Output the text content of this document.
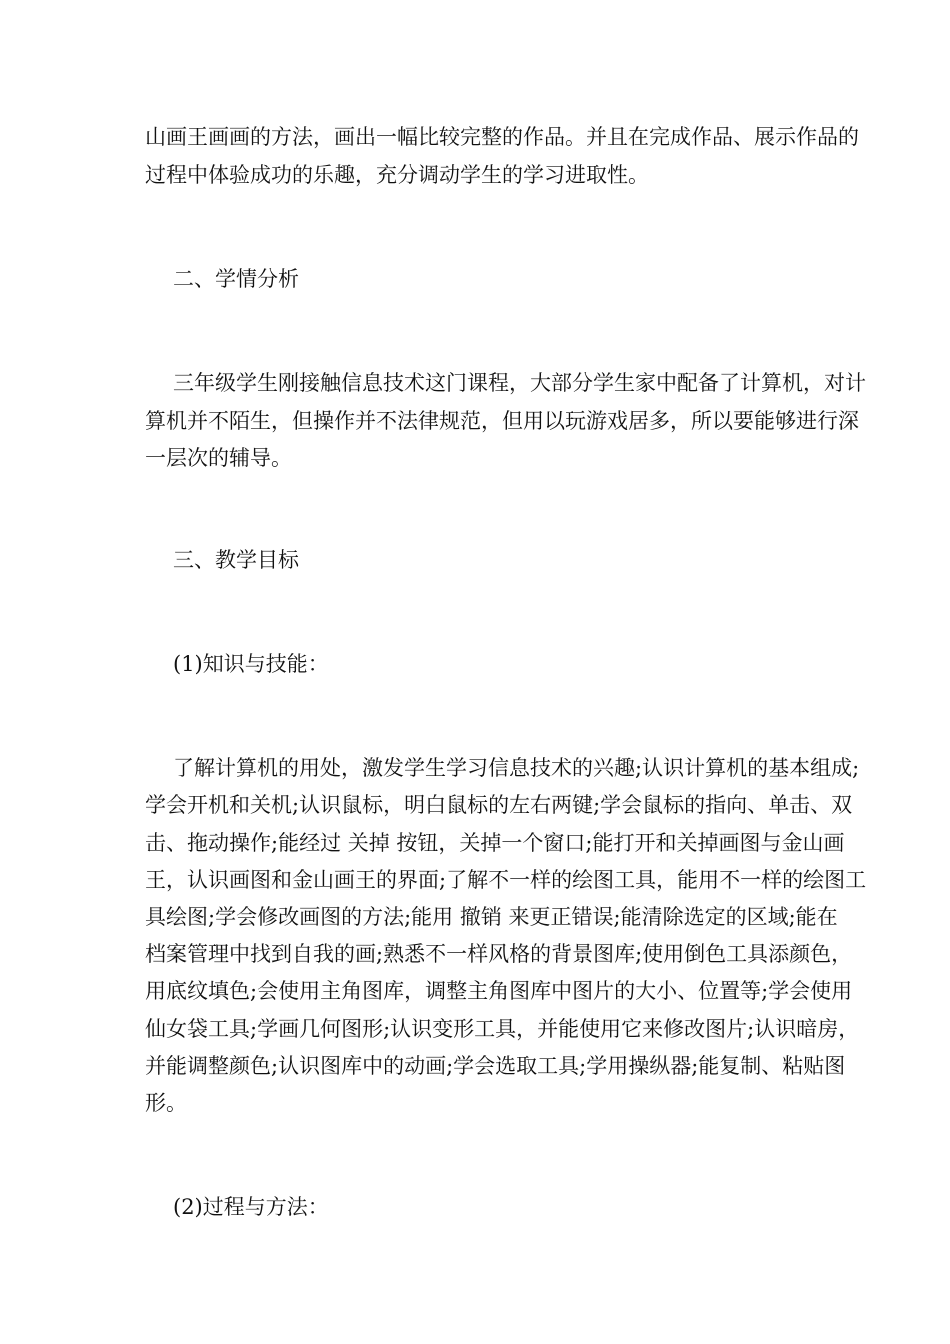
山画王画画的方法，画出一幅比较完整的作品。并且在完成作品、展示作品的
过程中体验成功的乐趣，充分调动学生的学习进取性。
二、学情分析
三年级学生刚接触信息技术这门课程，大部分学生家中配备了计算机，对计
算机并不陌生，但操作并不法律规范，但用以玩游戏居多，所以要能够进行深
一层次的辅导。
三、教学目标
(1)知识与技能：
了解计算机的用处，激发学生学习信息技术的兴趣;认识计算机的基本组成;
学会开机和关机;认识鼠标，明白鼠标的左右两键;学会鼠标的指向、单击、双
击、拖动操作;能经过 关掉 按钮，关掉一个窗口;能打开和关掉画图与金山画
王，认识画图和金山画王的界面;了解不一样的绘图工具，能用不一样的绘图工
具绘图;学会修改画图的方法;能用 撤销 来更正错误;能清除选定的区域;能在
档案管理中找到自我的画;熟悉不一样风格的背景图库;使用倒色工具添颜色，
用底纹填色;会使用主角图库，调整主角图库中图片的大小、位置等;学会使用
仙女袋工具;学画几何图形;认识变形工具，并能使用它来修改图片;认识暗房，
并能调整颜色;认识图库中的动画;学会选取工具;学用操纵器;能复制、粘贴图
形。
(2)过程与方法：
